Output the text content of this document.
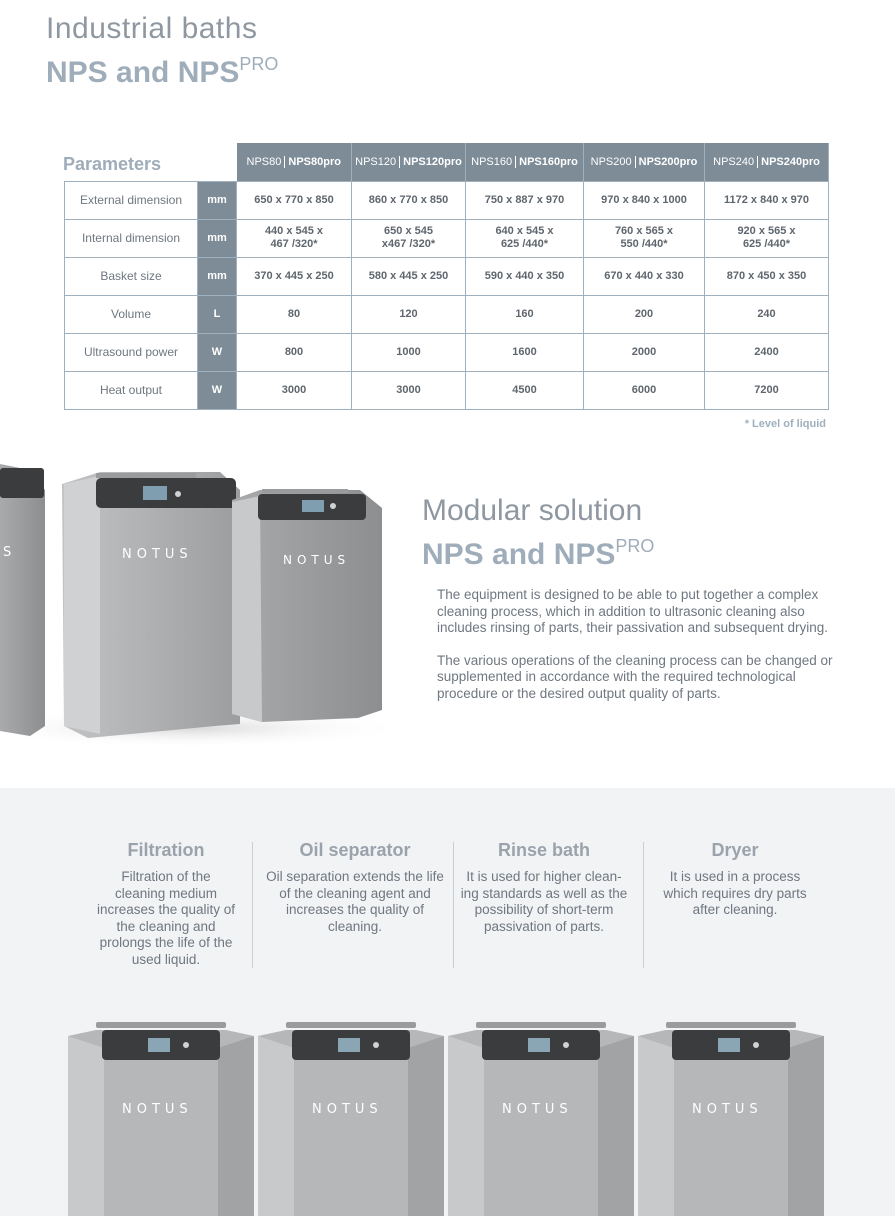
Industrial baths
NPS and $NPS^{PRO}$
Parameters
			NPS80 NPS80pro	NPS120 NPS120pro	NPS160 NPS160pro	NPS200 NPS200pro	NPS240 NPS240pro
External dimension	mm	650 x 770 x 850	860 x 770 x 850	750 x 887 x 970	970 x 840 x 1000	1172 x 840 x 970
Internal dimension	mm	440 x 545 x 467 /320*	650 x 545 x467 /320*	640 x 545 x 625 /440*	760 x 565 x 550 /440*	920 x 565 x 625 /440*
Basket size	mm	370 x 445 x 250	580 x 445 x 250	590 x 440 x 350	670 x 440 x 330	870 x 450 x 350
Volume	L	80	120	160	200	240
Ultrasound power	W	800	1000	1600	2000	2400
Heat output	W	3000	3000	4500	6000	7200
* Level of liquid
S	NOTUS	NOTUS
Modular solution
NPS and $NPS^{PRO}$

The equipment is designed to be able to put together a complex cleaning process, which in addition to ultrasonic cleaning also includes rinsing of parts, their passivation and subsequent drying.

The various operations of the cleaning process can be changed or supplemented in accordance with the required technological procedure or the desired output quality of parts.

Filtration

Filtration of the cleaning medium increases the quality of the cleaning and prolongs the life of the used liquid.

Oil separator

Oil separation extends the life of the cleaning agent and increases the quality of cleaning.

Rinse bath

It is used for higher clean-ing standards as well as the possibility of short-term passivation of parts.

Dryer

It is used in a process which requires dry parts after cleaning.

NOTUS	NOTUS	NOTUS	NOTUS
